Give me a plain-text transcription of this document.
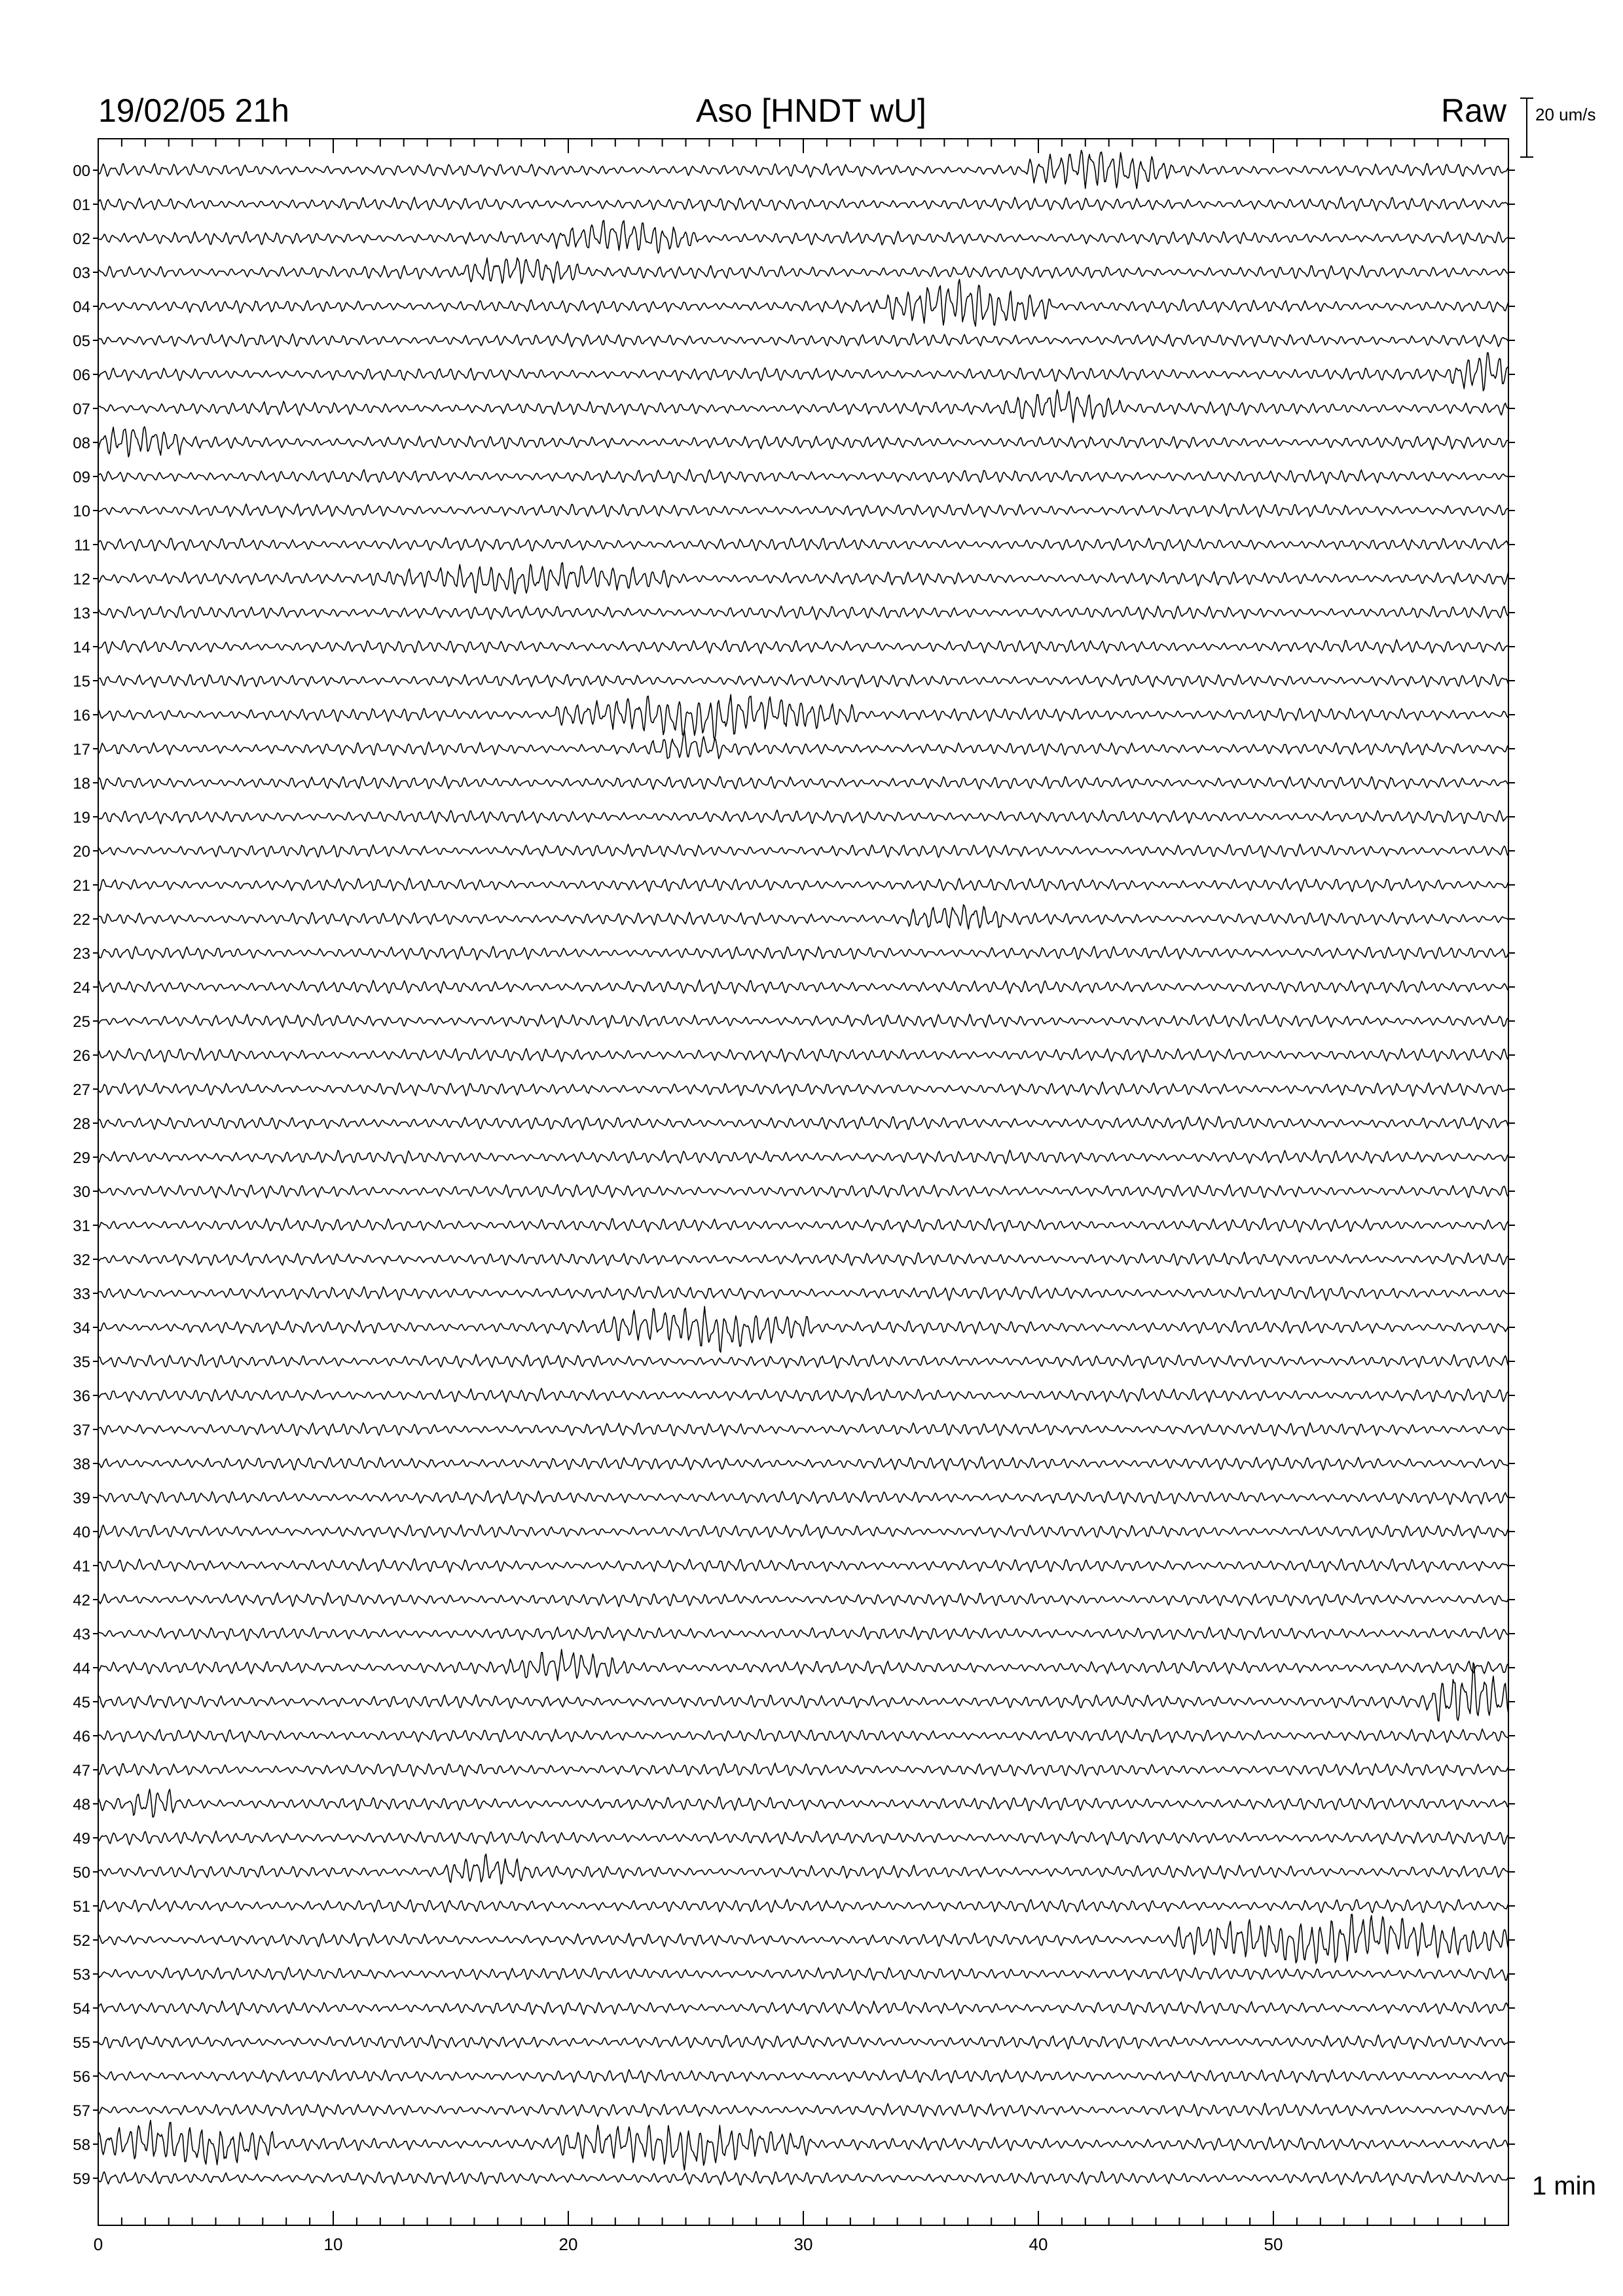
0	10	20	30	40	50
00
01
02
03
04
05
06
07
08
09
10
11
12
13
14
15
16
17
18
19
20
21
22
23
24
25
26
27
28
29
30
31
32
33
34
35
36
37
38
39
40
41
42
43
44
45
46
47
48
49
50
51
52
53
54
55
56
57
58
59
19/02/05 21h	Aso [HNDT wU]	Raw 20 um/s
1 min
